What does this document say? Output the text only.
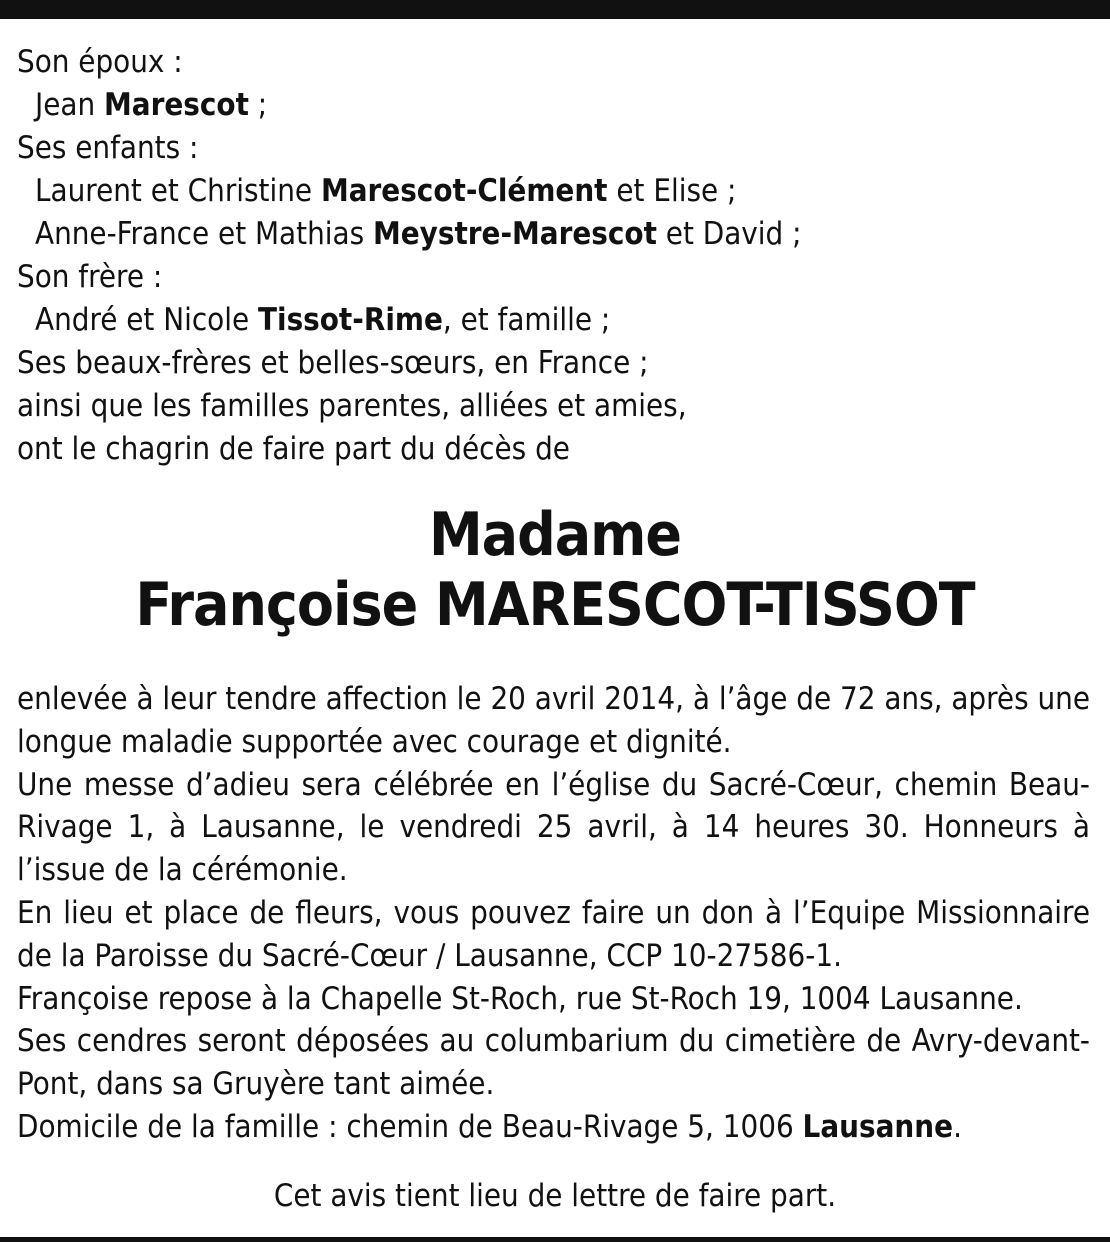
Son époux :
Jean Marescot ;
Ses enfants :
Laurent et Christine Marescot-Clément et Elise ;
Anne-France et Mathias Meystre-Marescot et David ;
Son frère :
André et Nicole Tissot-Rime, et famille ;
Ses beaux-frères et belles-sœurs, en France ;
ainsi que les familles parentes, alliées et amies,
ont le chagrin de faire part du décès de
Madame
Françoise MARESCOT-TISSOT

enlevée à leur tendre affection le 20 avril 2014, à l’âge de 72 ans, après une longue maladie supportée avec courage et dignité.

Une messe d’adieu sera célébrée en l’église du Sacré-Cœur, chemin Beau-Rivage 1, à Lausanne, le vendredi 25 avril, à 14 heures 30. Honneurs à l’issue de la cérémonie.

En lieu et place de fleurs, vous pouvez faire un don à l’Equipe Missionnaire de la Paroisse du Sacré-Cœur / Lausanne, CCP 10-27586-1.

Françoise repose à la Chapelle St-Roch, rue St-Roch 19, 1004 Lausanne.

Ses cendres seront déposées au columbarium du cimetière de Avry-devant-Pont, dans sa Gruyère tant aimée.

Domicile de la famille : chemin de Beau-Rivage 5, 1006 Lausanne.

Cet avis tient lieu de lettre de faire part.
